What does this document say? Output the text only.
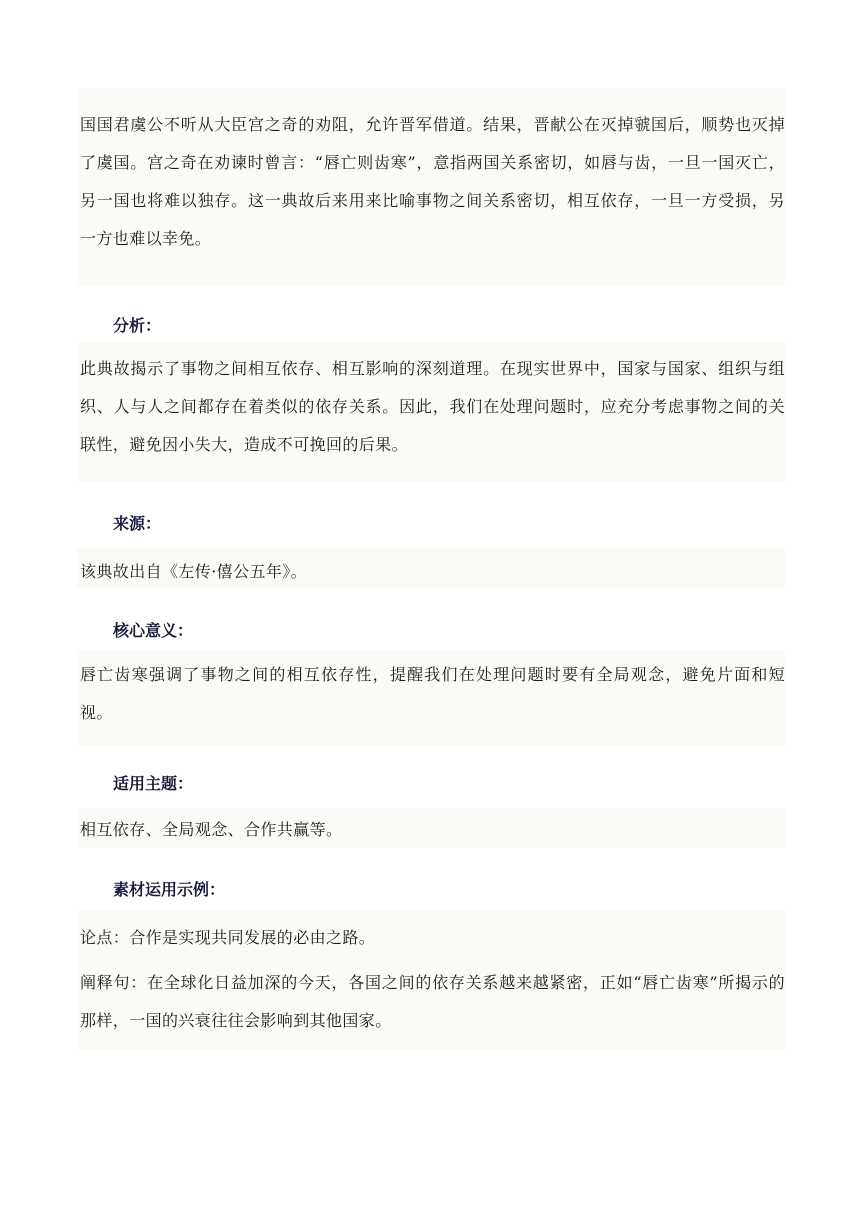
国国君虞公不听从大臣宫之奇的劝阻，允许晋军借道。结果，晋献公在灭掉虢国后，顺势也灭掉了虞国。宫之奇在劝谏时曾言：“唇亡则齿寒”，意指两国关系密切，如唇与齿，一旦一国灭亡，另一国也将难以独存。这一典故后来用来比喻事物之间关系密切，相互依存，一旦一方受损，另一方也难以幸免。
分析：
此典故揭示了事物之间相互依存、相互影响的深刻道理。在现实世界中，国家与国家、组织与组织、人与人之间都存在着类似的依存关系。因此，我们在处理问题时，应充分考虑事物之间的关联性，避免因小失大，造成不可挽回的后果。
来源：
该典故出自《左传·僖公五年》。
核心意义：
唇亡齿寒强调了事物之间的相互依存性，提醒我们在处理问题时要有全局观念，避免片面和短视。
适用主题：
相互依存、全局观念、合作共赢等。
素材运用示例：
论点：合作是实现共同发展的必由之路。
阐释句：在全球化日益加深的今天，各国之间的依存关系越来越紧密，正如“唇亡齿寒”所揭示的那样，一国的兴衰往往会影响到其他国家。
